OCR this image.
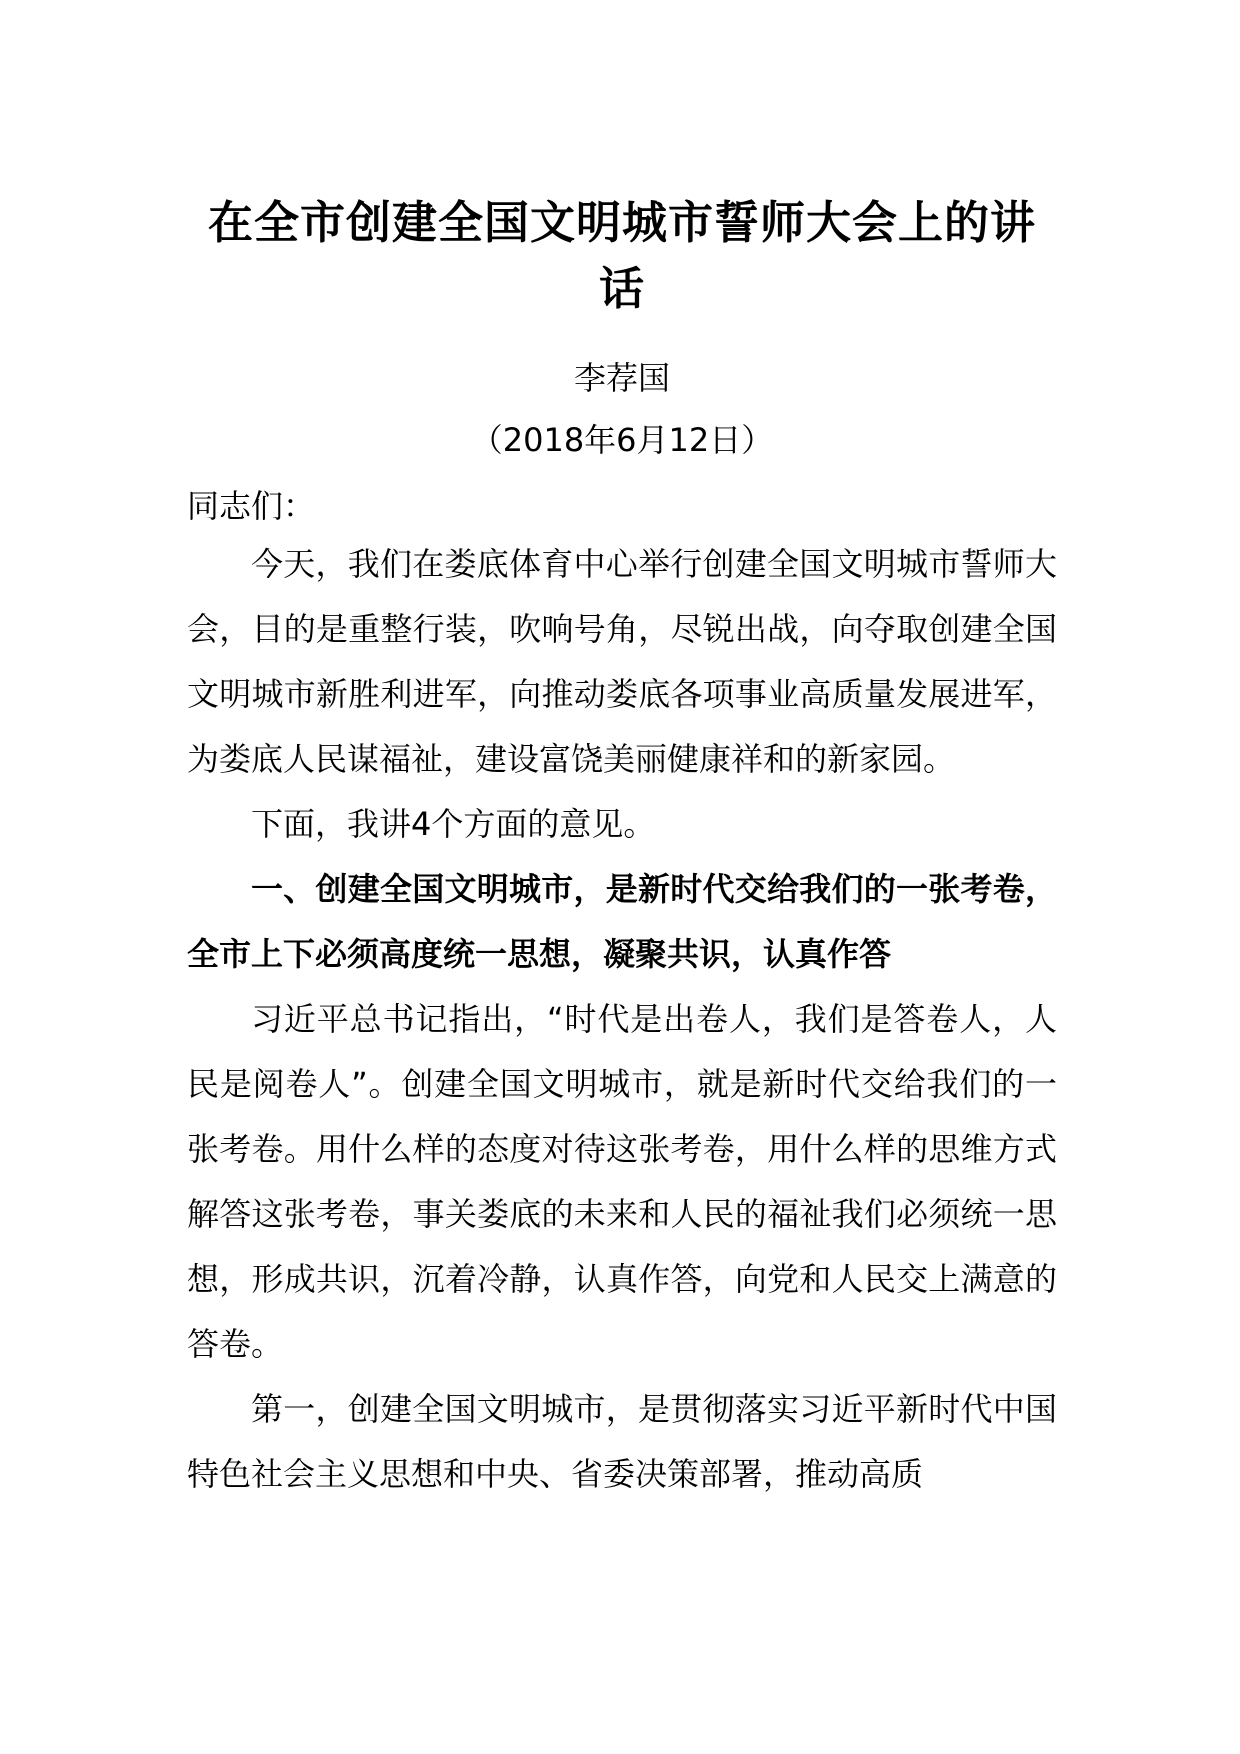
在全市创建全国文明城市誓师大会上的讲话
李荐国
（2018年6月12日）
同志们：

今天，我们在娄底体育中心举行创建全国文明城市誓师大会，目的是重整行装，吹响号角，尽锐出战，向夺取创建全国文明城市新胜利进军，向推动娄底各项事业高质量发展进军，为娄底人民谋福祉，建设富饶美丽健康祥和的新家园。

下面，我讲4个方面的意见。

一、创建全国文明城市，是新时代交给我们的一张考卷，全市上下必须高度统一思想，凝聚共识，认真作答

习近平总书记指出，“时代是出卷人，我们是答卷人，人民是阅卷人”。创建全国文明城市，就是新时代交给我们的一张考卷。用什么样的态度对待这张考卷，用什么样的思维方式解答这张考卷，事关娄底的未来和人民的福祉我们必须统一思想，形成共识，沉着冷静，认真作答，向党和人民交上满意的答卷。

第一，创建全国文明城市，是贯彻落实习近平新时代中国特色社会主义思想和中央、省委决策部署，推动高质
